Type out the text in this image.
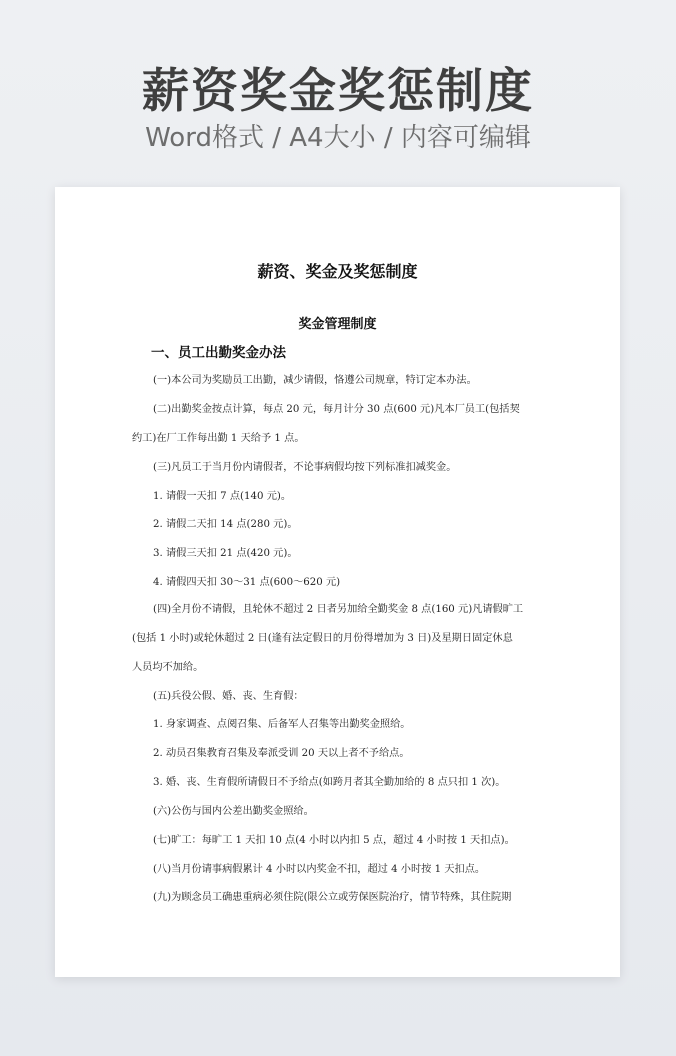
薪资奖金奖惩制度
Word格式 / A4大小 / 内容可编辑
薪资、奖金及奖惩制度
奖金管理制度
一、员工出勤奖金办法
(一)本公司为奖励员工出勤，减少请假，恪遵公司规章，特订定本办法。
(二)出勤奖金按点计算，每点 20 元，每月计分 30 点(600 元)凡本厂员工(包括契
约工)在厂工作每出勤 1 天给予 1 点。
(三)凡员工于当月份内请假者，不论事病假均按下列标准扣减奖金。
1. 请假一天扣 7 点(140 元)。
2. 请假二天扣 14 点(280 元)。
3. 请假三天扣 21 点(420 元)。
4. 请假四天扣 30～31 点(600～620 元)
(四)全月份不请假，且轮休不超过 2 日者另加给全勤奖金 8 点(160 元)凡请假旷工
(包括 1 小时)或轮休超过 2 日(逢有法定假日的月份得增加为 3 日)及星期日固定休息
人员均不加给。
(五)兵役公假、婚、丧、生育假：
1. 身家调查、点阅召集、后备军人召集等出勤奖金照给。
2. 动员召集教育召集及奉派受训 20 天以上者不予给点。
3. 婚、丧、生育假所请假日不予给点(如跨月者其全勤加给的 8 点只扣 1 次)。
(六)公伤与国内公差出勤奖金照给。
(七)旷工：每旷工 1 天扣 10 点(4 小时以内扣 5 点，超过 4 小时按 1 天扣点)。
(八)当月份请事病假累计 4 小时以内奖金不扣，超过 4 小时按 1 天扣点。
(九)为顾念员工确患重病必须住院(限公立或劳保医院治疗，情节特殊，其住院期
